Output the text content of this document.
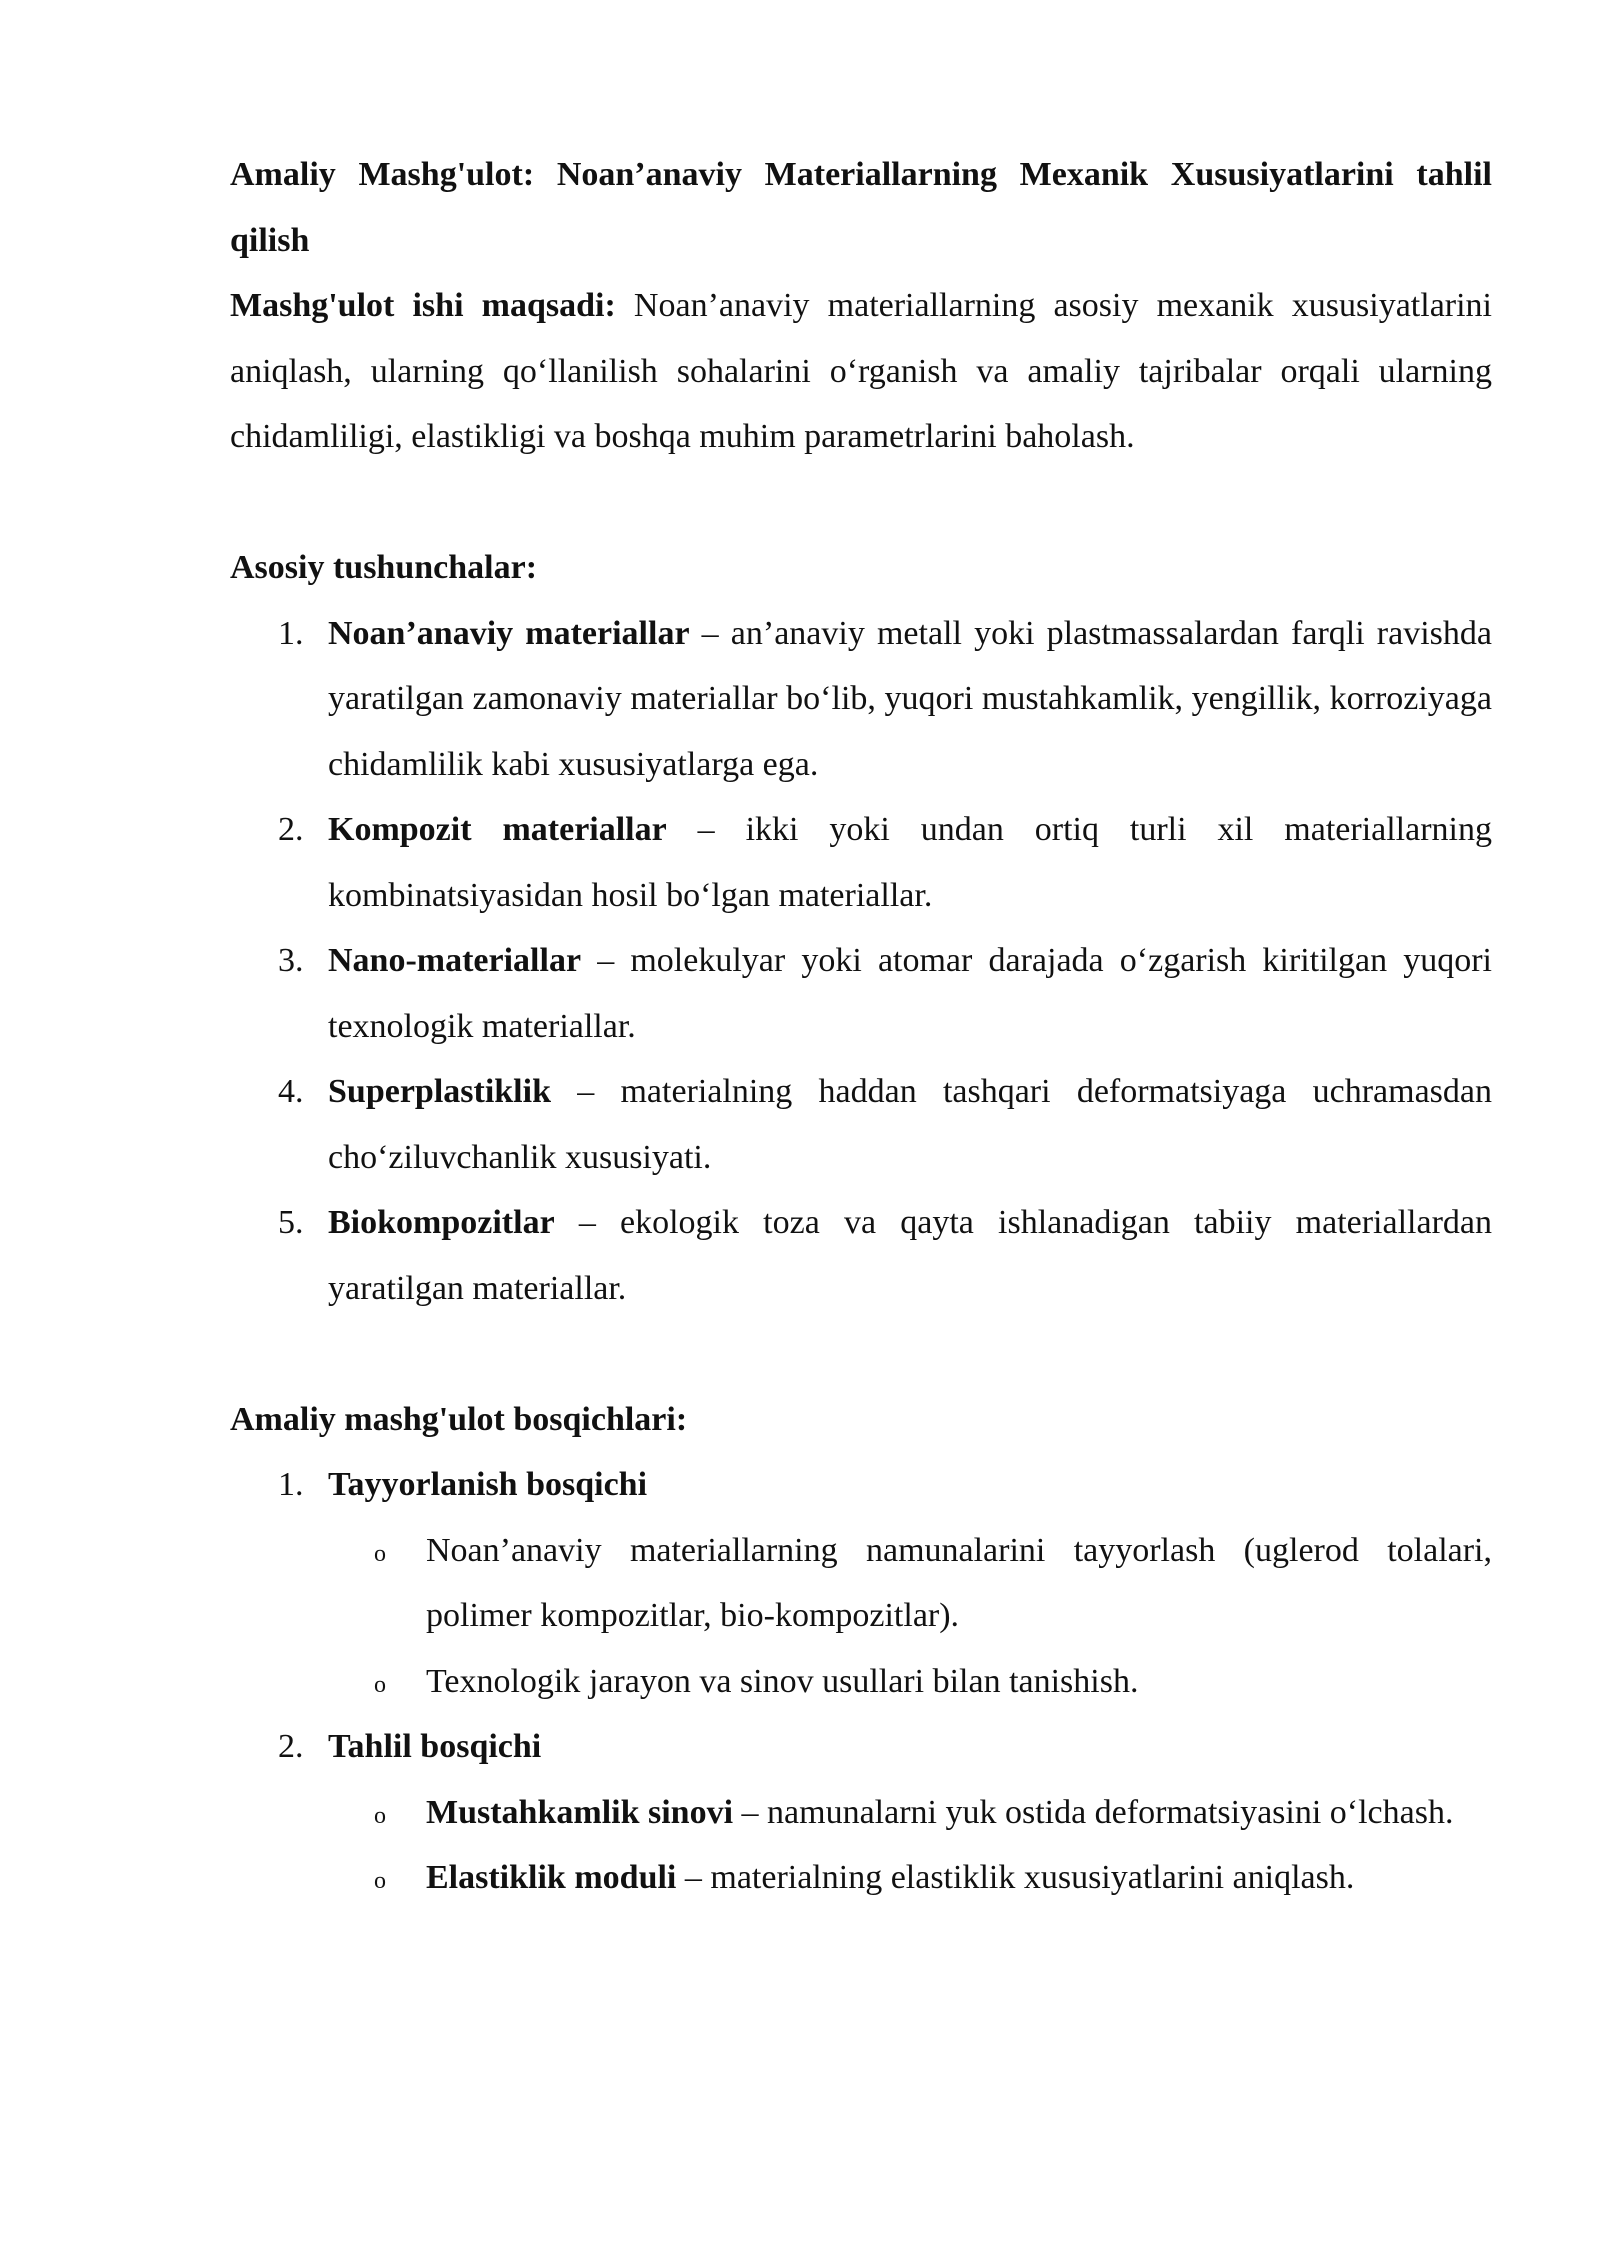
Amaliy Mashg'ulot: Noan’anaviy Materiallarning Mexanik Xususiyatlarini tahlil qilish
Mashg'ulot ishi maqsadi: Noan’anaviy materiallarning asosiy mexanik xususiyatlarini aniqlash, ularning qo‘llanilish sohalarini o‘rganish va amaliy tajribalar orqali ularning chidamliligi, elastikligi va boshqa muhim parametrlarini baholash.
Asosiy tushunchalar:
1. Noan’anaviy materiallar – an’anaviy metall yoki plastmassalardan farqli ravishda yaratilgan zamonaviy materiallar bo‘lib, yuqori mustahkamlik, yengillik, korroziyaga chidamlilik kabi xususiyatlarga ega.
2. Kompozit materiallar – ikki yoki undan ortiq turli xil materiallarning kombinatsiyasidan hosil bo‘lgan materiallar.
3. Nano-materiallar – molekulyar yoki atomar darajada o‘zgarish kiritilgan yuqori texnologik materiallar.
4. Superplastiklik – materialning haddan tashqari deformatsiyaga uchramasdan cho‘ziluvchanlik xususiyati.
5. Biokompozitlar – ekologik toza va qayta ishlanadigan tabiiy materiallardan yaratilgan materiallar.
Amaliy mashg'ulot bosqichlari:
1. Tayyorlanish bosqichi
o Noan’anaviy materiallarning namunalarini tayyorlash (uglerod tolalari, polimer kompozitlar, bio-kompozitlar).
o Texnologik jarayon va sinov usullari bilan tanishish.
2. Tahlil bosqichi
o Mustahkamlik sinovi – namunalarni yuk ostida deformatsiyasini o‘lchash.
o Elastiklik moduli – materialning elastiklik xususiyatlarini aniqlash.
